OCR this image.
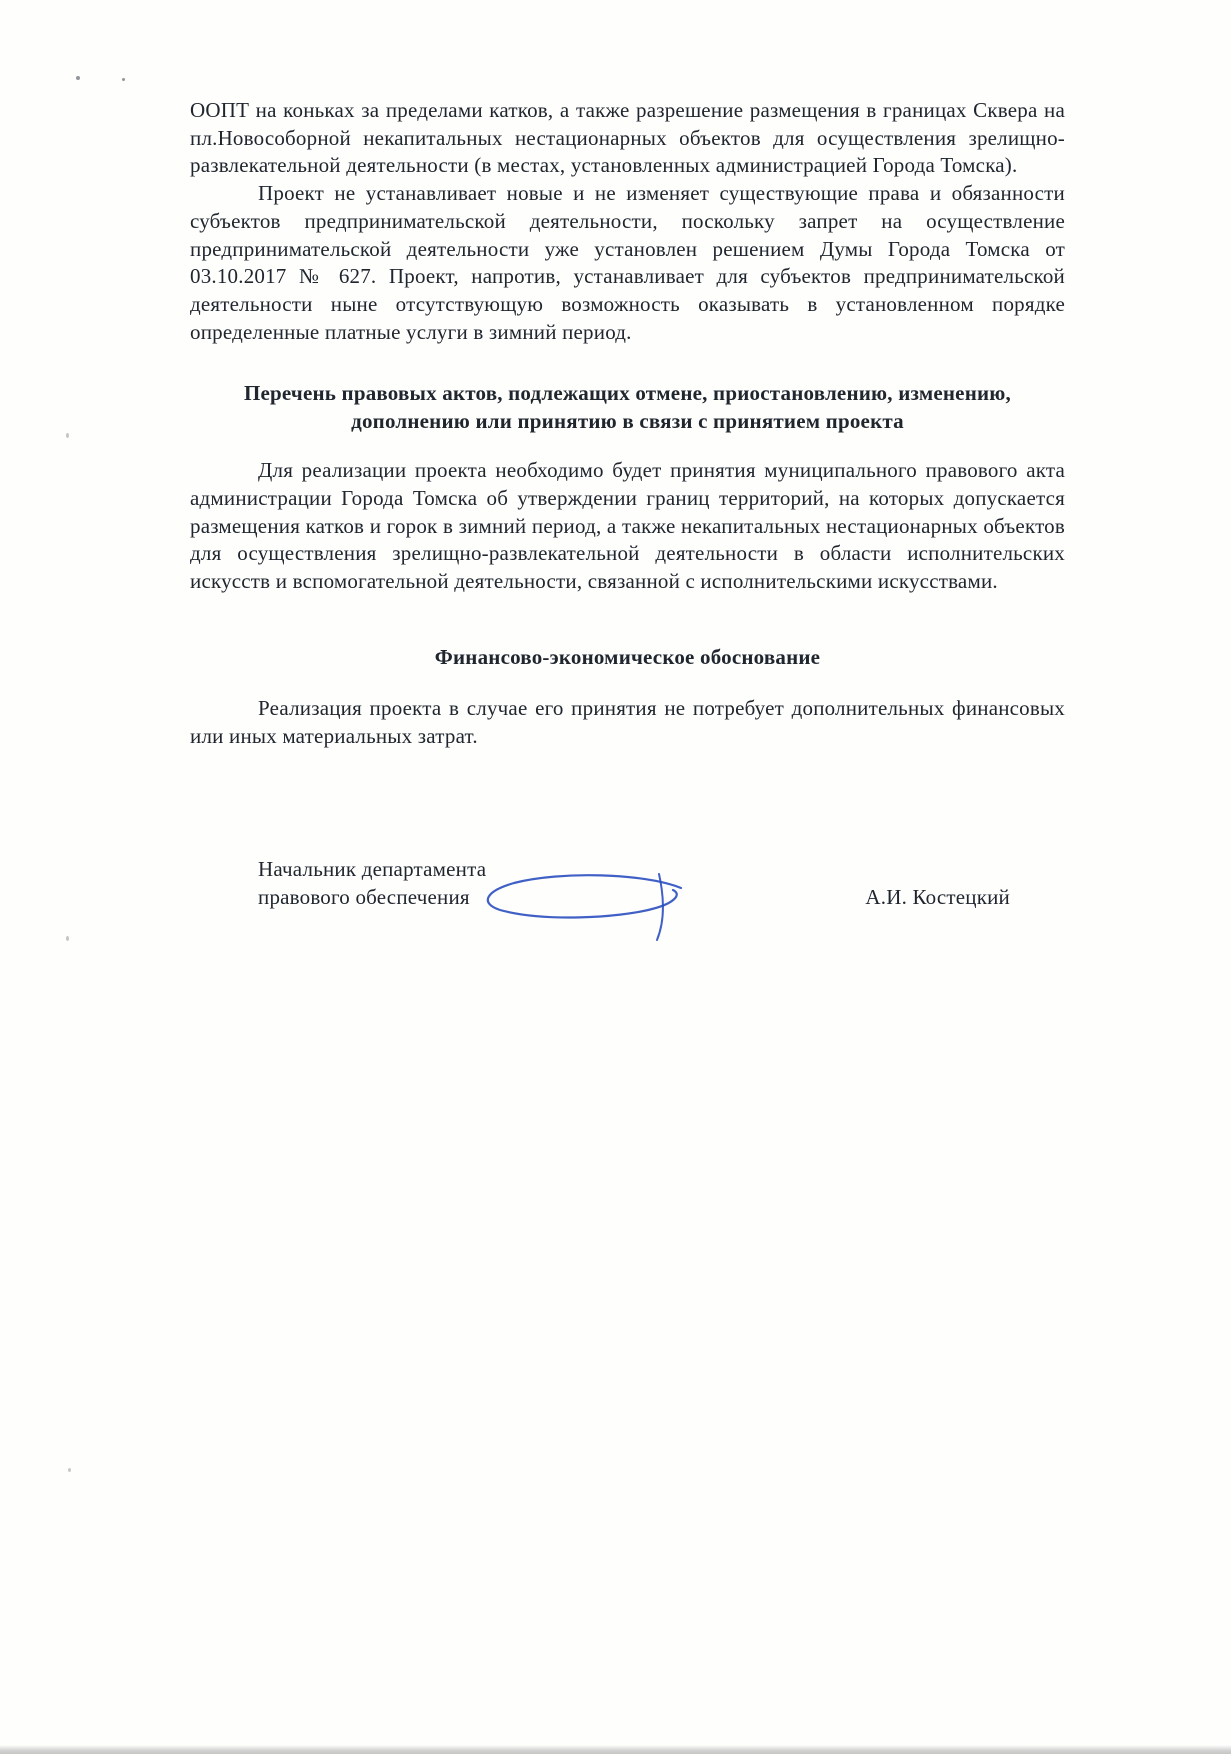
ООПТ на коньках за пределами катков, а также разрешение размещения в границах Сквера на пл.Новособорной некапитальных нестационарных объектов для осуществления зрелищно-развлекательной деятельности (в местах, установленных администрацией Города Томска).

Проект не устанавливает новые и не изменяет существующие права и обязанности субъектов предпринимательской деятельности, поскольку запрет на осуществление предпринимательской деятельности уже установлен решением Думы Города Томска от 03.10.2017 № 627. Проект, напротив, устанавливает для субъектов предпринимательской деятельности ныне отсутствующую возможность оказывать в установленном порядке определенные платные услуги в зимний период.

Перечень правовых актов, подлежащих отмене, приостановлению, изменению, дополнению или принятию в связи с принятием проекта

Для реализации проекта необходимо будет принятия муниципального правового акта администрации Города Томска об утверждении границ территорий, на которых допускается размещения катков и горок в зимний период, а также некапитальных нестационарных объектов для осуществления зрелищно-развлекательной деятельности в области исполнительских искусств и вспомогательной деятельности, связанной с исполнительскими искусствами.

Финансово-экономическое обоснование

Реализация проекта в случае его принятия не потребует дополнительных финансовых или иных материальных затрат.

Начальник департамента
правового обеспечения	А.И. Костецкий
